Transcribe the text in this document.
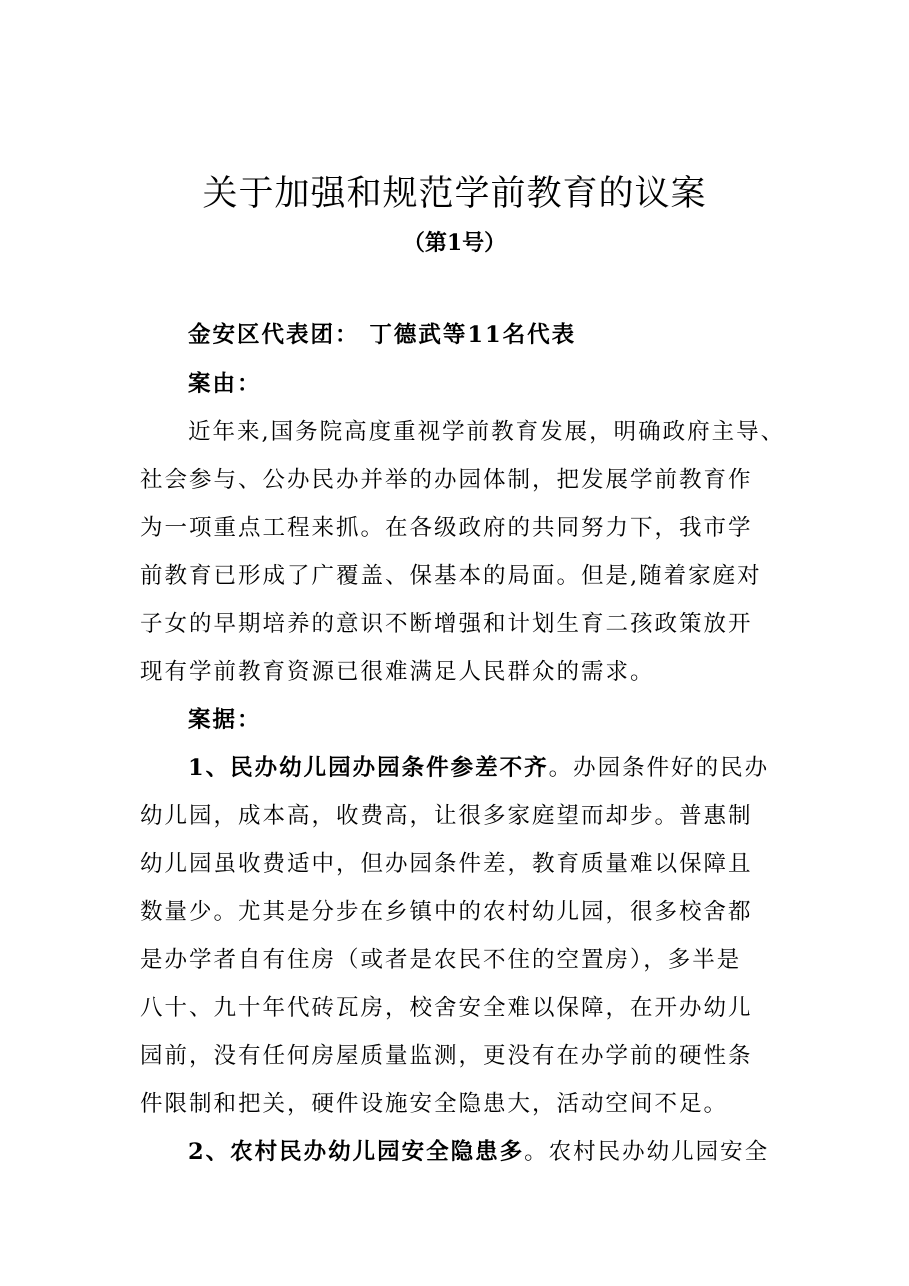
关于加强和规范学前教育的议案
（第1号）
金安区代表团： 丁德武等11名代表
案由：
近年来,国务院高度重视学前教育发展，明确政府主导、
社会参与、公办民办并举的办园体制，把发展学前教育作
为一项重点工程来抓。在各级政府的共同努力下，我市学
前教育已形成了广覆盖、保基本的局面。但是,随着家庭对
子女的早期培养的意识不断增强和计划生育二孩政策放开
现有学前教育资源已很难满足人民群众的需求。
案据：
1、民办幼儿园办园条件参差不齐。办园条件好的民办
幼儿园，成本高，收费高，让很多家庭望而却步。普惠制
幼儿园虽收费适中，但办园条件差，教育质量难以保障且
数量少。尤其是分步在乡镇中的农村幼儿园，很多校舍都
是办学者自有住房（或者是农民不住的空置房），多半是
八十、九十年代砖瓦房，校舍安全难以保障，在开办幼儿
园前，没有任何房屋质量监测，更没有在办学前的硬性条
件限制和把关，硬件设施安全隐患大，活动空间不足。
2、农村民办幼儿园安全隐患多。农村民办幼儿园安全
